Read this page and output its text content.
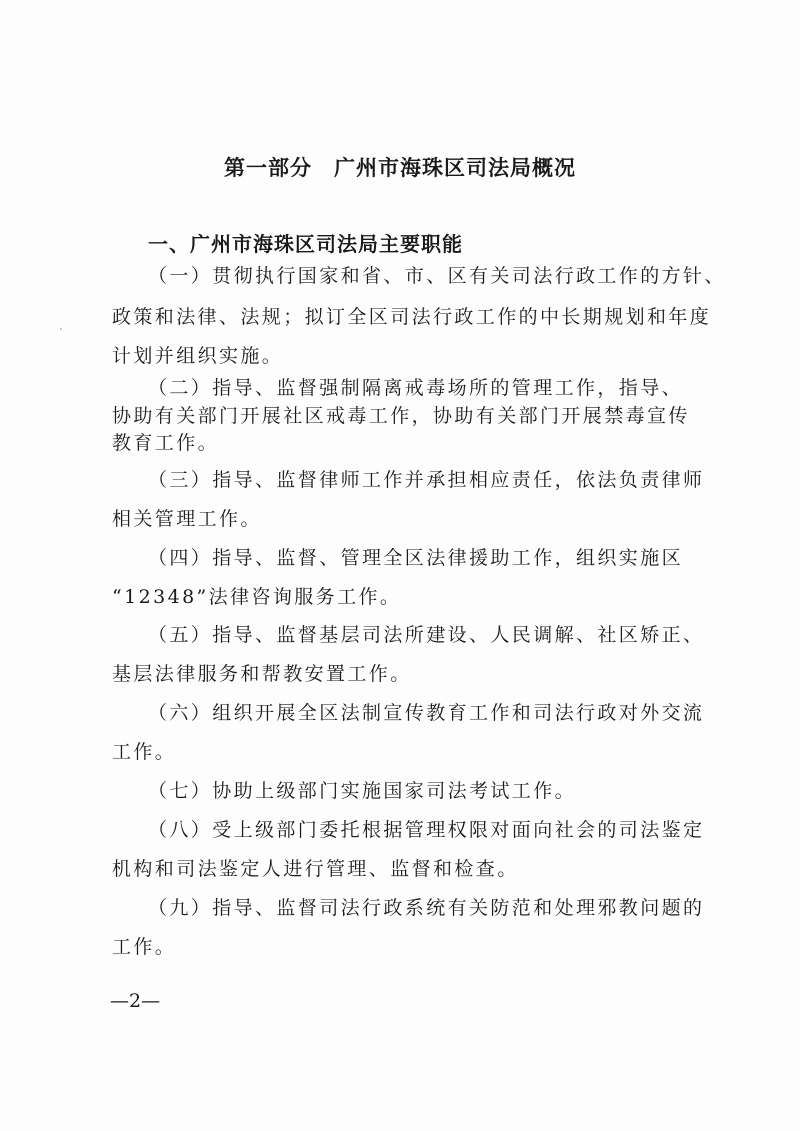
第一部分　广州市海珠区司法局概况
一、广州市海珠区司法局主要职能
（一）贯彻执行国家和省、市、区有关司法行政工作的方针、
政策和法律、法规；拟订全区司法行政工作的中长期规划和年度
计划并组织实施。
（二）指导、监督强制隔离戒毒场所的管理工作，指导、
协助有关部门开展社区戒毒工作，协助有关部门开展禁毒宣传
教育工作。
（三）指导、监督律师工作并承担相应责任，依法负责律师
相关管理工作。
（四）指导、监督、管理全区法律援助工作，组织实施区
“12348”法律咨询服务工作。
（五）指导、监督基层司法所建设、人民调解、社区矫正、
基层法律服务和帮教安置工作。
（六）组织开展全区法制宣传教育工作和司法行政对外交流
工作。
（七）协助上级部门实施国家司法考试工作。
（八）受上级部门委托根据管理权限对面向社会的司法鉴定
机构和司法鉴定人进行管理、监督和检查。
（九）指导、监督司法行政系统有关防范和处理邪教问题的
工作。
—2—
